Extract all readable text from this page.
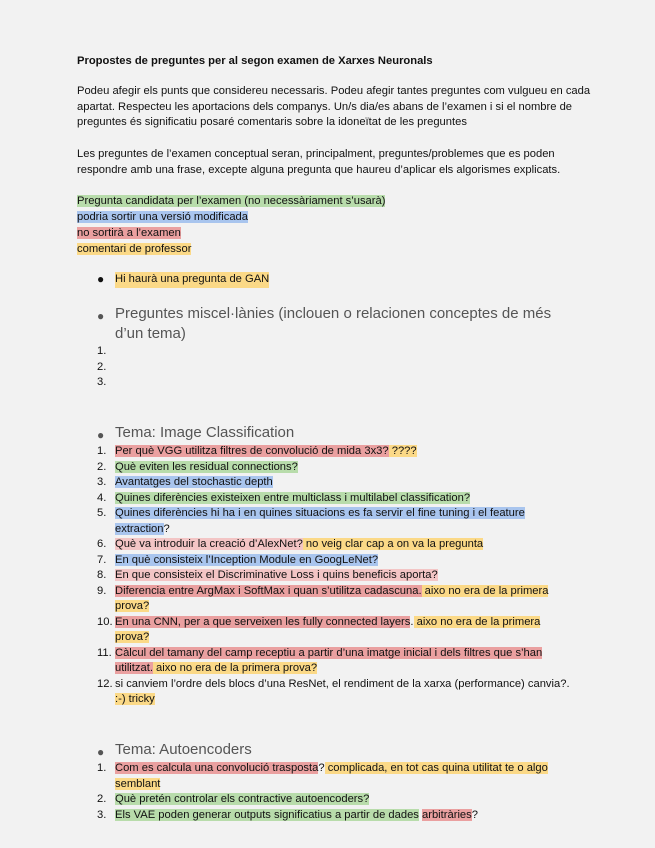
Propostes de preguntes per al segon examen de Xarxes Neuronals
Podeu afegir els punts que considereu necessaris. Podeu afegir tantes preguntes com vulgueu en cada apartat. Respecteu les aportacions dels companys. Un/s dia/es abans de l’examen i si el nombre de preguntes és significatiu posaré comentaris sobre la idoneïtat de les preguntes
Les preguntes de l’examen conceptual seran, principalment, preguntes/problemes que es poden respondre amb una frase, excepte alguna pregunta que haureu d’aplicar els algorismes explicats.
Pregunta candidata per l’examen (no necessàriament s’usarà)
podria sortir una versió modificada
no sortirà a l’examen
comentari de professor
● Hi haurà una pregunta de GAN
● Preguntes miscel·lànies (inclouen o relacionen conceptes de més
d’un tema)
1.

2.

3.

● Tema: Image Classification
1. Per què VGG utilitza filtres de convolució de mida 3x3? ????
2. Què eviten les residual connections?
3. Avantatges del stochastic depth
4. Quines diferències existeixen entre multiclass i multilabel classification?
5. Quines diferències hi ha i en quines situacions es fa servir el fine tuning i el feature extraction?
6. Què va introduir la creació d’AlexNet? no veig clar cap a on va la pregunta
7. En què consisteix l’Inception Module en GoogLeNet?
8. En que consisteix el Discriminative Loss i quins beneficis aporta?
9. Diferencia entre ArgMax i SoftMax i quan s’utilitza cadascuna. aixo no era de la primera prova?
10. En una CNN, per a que serveixen les fully connected layers. aixo no era de la primera prova?
11. Càlcul del tamany del camp receptiu a partir d’una imatge inicial i dels filtres que s’han utilitzat. aixo no era de la primera prova?
12. si canviem l’ordre dels blocs d’una ResNet, el rendiment de la xarxa (performance) canvia?. :-) tricky
● Tema: Autoencoders
1. Com es calcula una convolució trasposta? complicada, en tot cas quina utilitat te o algo semblant
2. Què pretén controlar els contractive autoencoders?
3. Els VAE poden generar outputs significatius a partir de dades arbitràries?
